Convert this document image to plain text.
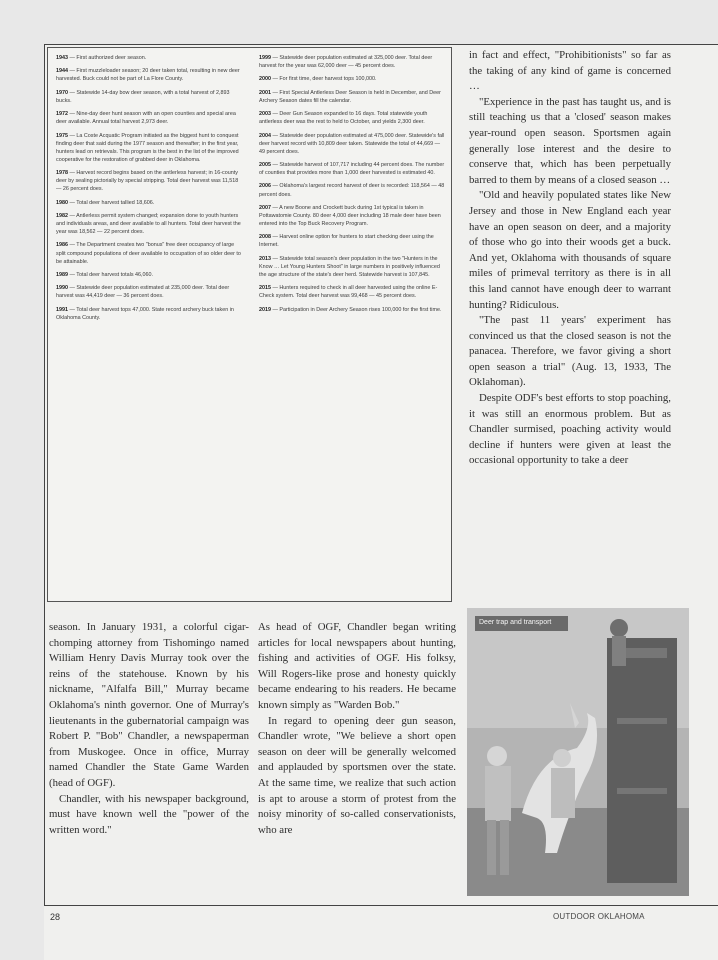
1943 — First authorized deer season.

1944 — First muzzleloader season; 20 deer taken total, resulting in new deer harvested. Buck could not be part of La Flore County.

1970 — Statewide 14-day bow deer season, with a total harvest of 2,893 bucks.

1972 — Nine-day deer hunt season with an open counties and special area deer available. Annual total harvest 2,973 deer.

1975 — La Coste Acquatic Program initiated as the biggest hunt to conquest finding deer that said during the 1977 season and thereafter; in the first year, hunters lead on retrievals. This program is the best in the list of the improved cooperative for the restoration of grabbed deer in Oklahoma.

1978 — Harvest record begins based on the antlerless harvest; in 16-county deer by sealing pictorially by special stripping. Total deer harvest was 11,518 — 26 percent does.

1980 — Total deer harvest tallied 18,606.

1982 — Antlerless permit system changed; expansion done to youth hunters and individuals areas, and deer available to all hunters. Total deer harvest the year was 18,562 — 22 percent does.

1986 — The Department creates two "bonus" free deer occupancy of large split compound populations of deer available to occupation of so older deer to be attainable.

1989 — Total deer harvest totals 46,060.

1990 — Statewide deer population estimated at 235,000 deer. Total deer harvest was 44,419 deer — 36 percent does.

1991 — Total deer harvest tops 47,000. State record archery buck taken in Oklahoma County.

1999 — Statewide deer population estimated at 325,000 deer. Total deer harvest for the year was 62,000 deer — 45 percent does.

2000 — For first time, deer harvest tops 100,000.

2001 — First Special Antlerless Deer Season is held in December, and Deer Archery Season dates fill the calendar.

2003 — Deer Gun Season expanded to 16 days. Total statewide youth antlerless deer was the rest to held to October, and yields 2,300 deer.

2004 — Statewide deer population estimated at 475,000 deer. Statewide's fall deer harvest record with 10,809 deer taken. Statewide the total of 44,669 — 49 percent does.

2005 — Statewide harvest of 107,717 including 44 percent does. The number of counties that provides more than 1,000 deer harvested is estimated 40.

2006 — Oklahoma's largest record harvest of deer is recorded: 118,564 — 48 percent does.

2007 — A new Boone and Crockett buck during 1st typical is taken in Pottawatomie County. 80 deer 4,000 deer including 18 male deer have been entered into the Top Buck Recovery Program.

2008 — Harvest online option for hunters to start checking deer using the Internet.

2013 — Statewide total season's deer population in the two "Hunters in the Know … Let Young Hunters Shoot" in large numbers in positively influenced the age structure of the state's deer herd. Statewide harvest is 107,845.

2015 — Hunters required to check in all deer harvested using the online E-Check system. Total deer harvest was 99,468 — 45 percent does.

2019 — Participation in Deer Archery Season rises 100,000 for the first time.

in fact and effect, "Prohibitionists" so far as the taking of any kind of game is concerned …

"Experience in the past has taught us, and is still teaching us that a 'closed' season makes year-round open season. Sportsmen again generally lose interest and the desire to conserve that, which has been perpetually barred to them by means of a closed season …

"Old and heavily populated states like New Jersey and those in New England each year have an open season on deer, and a majority of those who go into their woods get a buck. And yet, Oklahoma with thousands of square miles of primeval territory as there is in all this land cannot have enough deer to warrant hunting? Ridiculous.

"The past 11 years' experiment has convinced us that the closed season is not the panacea. Therefore, we favor giving a short open season a trial" (Aug. 13, 1933, The Oklahoman).

Despite ODF's best efforts to stop poaching, it was still an enormous problem. But as Chandler surmised, poaching activity would decline if hunters were given at least the occasional opportunity to take a deer

season. In January 1931, a colorful cigar-chomping attorney from Tishomingo named William Henry Davis Murray took over the reins of the statehouse. Known by his nickname, "Alfalfa Bill," Murray became Oklahoma's ninth governor. One of Murray's lieutenants in the gubernatorial campaign was Robert P. "Bob" Chandler, a newspaperman from Muskogee. Once in office, Murray named Chandler the State Game Warden (head of OGF).

Chandler, with his newspaper background, must have known well the "power of the written word."

As head of OGF, Chandler began writing articles for local newspapers about hunting, fishing and activities of OGF. His folksy, Will Rogers-like prose and honesty quickly became endearing to his readers. He became known simply as "Warden Bob."

In regard to opening deer gun season, Chandler wrote, "We believe a short open season on deer will be generally welcomed and applauded by sportsmen over the state. At the same time, we realize that such action is apt to arouse a storm of protest from the noisy minority of so-called conservationists, who are

Deer trap and transport
28	OUTDOOR OKLAHOMA
